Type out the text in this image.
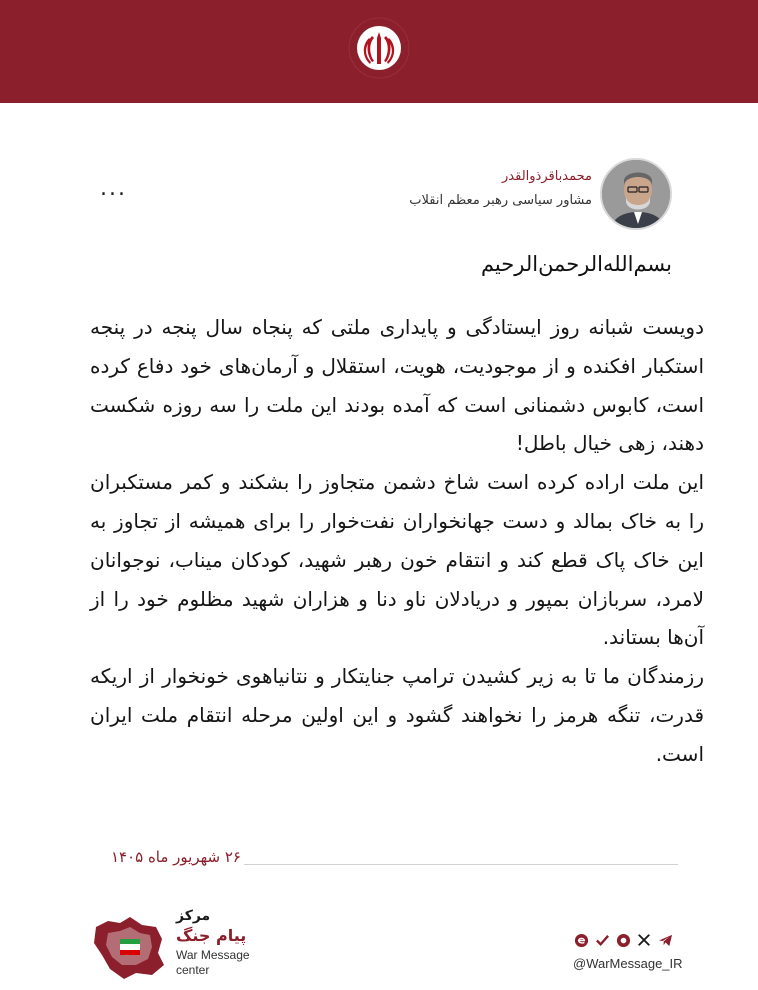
...	محمدباقرذوالقدر
مشاور سیاسی رهبر معظم انقلاب
بسم‌الله‌الرحمن‌الرحیم

دویست شبانه روز ایستادگی و پایداری ملتی که پنجاه سال پنجه در پنجه استکبار افکنده و از موجودیت، هویت، استقلال و آرمان‌های خود دفاع کرده است، کابوس دشمنانی است که آمده بودند این ملت را سه روزه شکست دهند، زهی خیال باطل!

این ملت اراده کرده است شاخ دشمن متجاوز را بشکند و کمر مستکبران را به خاک بمالد و دست جهانخواران نفت‌خوار را برای همیشه از تجاوز به این خاک پاک قطع کند و انتقام خون رهبر شهید، کودکان میناب، نوجوانان لامرد، سربازان بمپور و دریادلان ناو دنا و هزاران شهید مظلوم خود را از آن‌ها بستاند.

رزمندگان ما تا به زیر کشیدن ترامپ جنایتکار و نتانیاهوی خونخوار از اریکه قدرت، تنگه هرمز را نخواهند گشود و این اولین مرحله انتقام ملت ایران است.

۲۶ شهریور ماه ۱۴۰۵
مرکز
پیام جنگ
War Message
center	@WarMessage_IR
